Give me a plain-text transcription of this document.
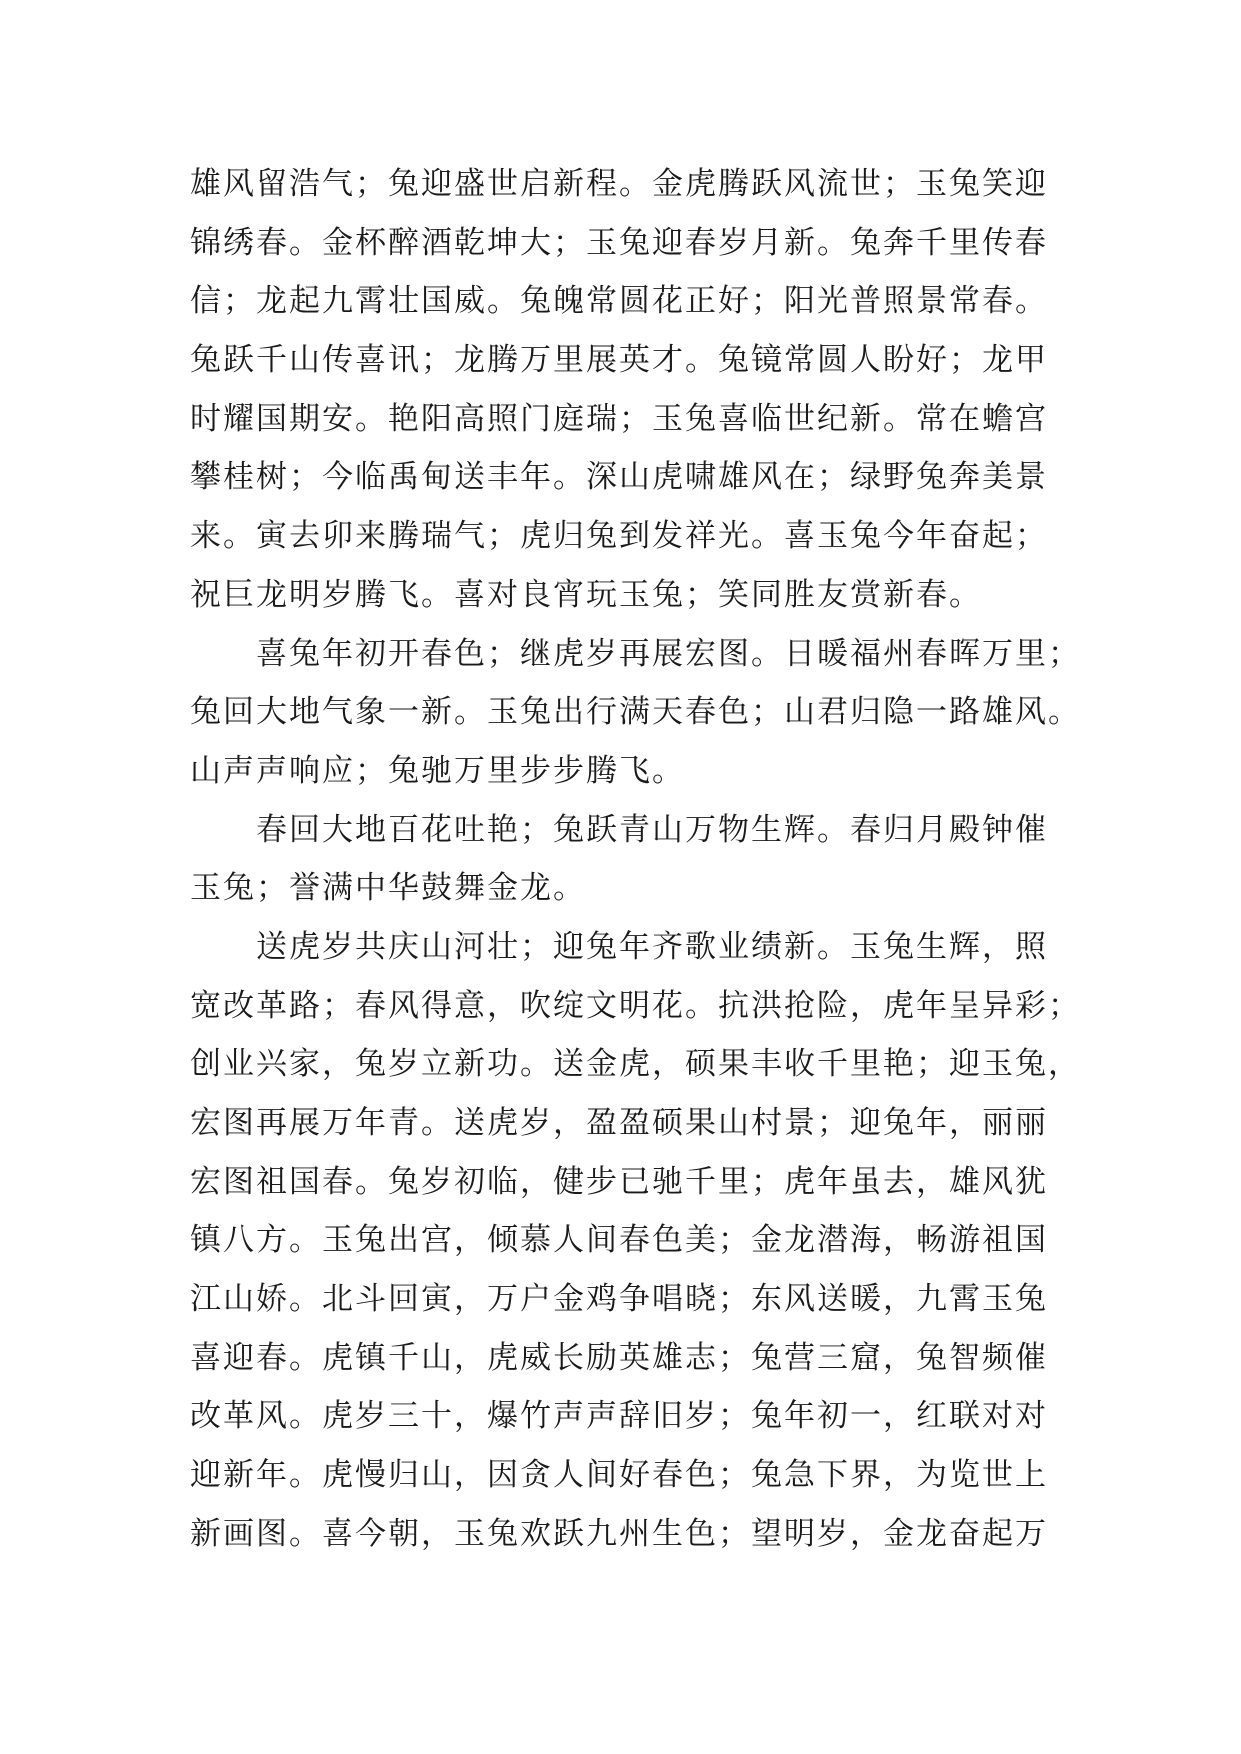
雄风留浩气；兔迎盛世启新程。金虎腾跃风流世；玉兔笑迎
锦绣春。金杯醉酒乾坤大；玉兔迎春岁月新。兔奔千里传春
信；龙起九霄壮国威。兔魄常圆花正好；阳光普照景常春。
兔跃千山传喜讯；龙腾万里展英才。兔镜常圆人盼好；龙甲
时耀国期安。艳阳高照门庭瑞；玉兔喜临世纪新。常在蟾宫
攀桂树；今临禹甸送丰年。深山虎啸雄风在；绿野兔奔美景
来。寅去卯来腾瑞气；虎归兔到发祥光。喜玉兔今年奋起；
祝巨龙明岁腾飞。喜对良宵玩玉兔；笑同胜友赏新春。
喜兔年初开春色；继虎岁再展宏图。日暖福州春晖万里；
兔回大地气象一新。玉兔出行满天春色；山君归隐一路雄风。
山声声响应；兔驰万里步步腾飞。
春回大地百花吐艳；兔跃青山万物生辉。春归月殿钟催
玉兔；誉满中华鼓舞金龙。
送虎岁共庆山河壮；迎兔年齐歌业绩新。玉兔生辉，照
宽改革路；春风得意，吹绽文明花。抗洪抢险，虎年呈异彩；
创业兴家，兔岁立新功。送金虎，硕果丰收千里艳；迎玉兔，
宏图再展万年青。送虎岁，盈盈硕果山村景；迎兔年，丽丽
宏图祖国春。兔岁初临，健步已驰千里；虎年虽去，雄风犹
镇八方。玉兔出宫，倾慕人间春色美；金龙潜海，畅游祖国
江山娇。北斗回寅，万户金鸡争唱晓；东风送暖，九霄玉兔
喜迎春。虎镇千山，虎威长励英雄志；兔营三窟，兔智频催
改革风。虎岁三十，爆竹声声辞旧岁；兔年初一，红联对对
迎新年。虎慢归山，因贪人间好春色；兔急下界，为览世上
新画图。喜今朝，玉兔欢跃九州生色；望明岁，金龙奋起万
